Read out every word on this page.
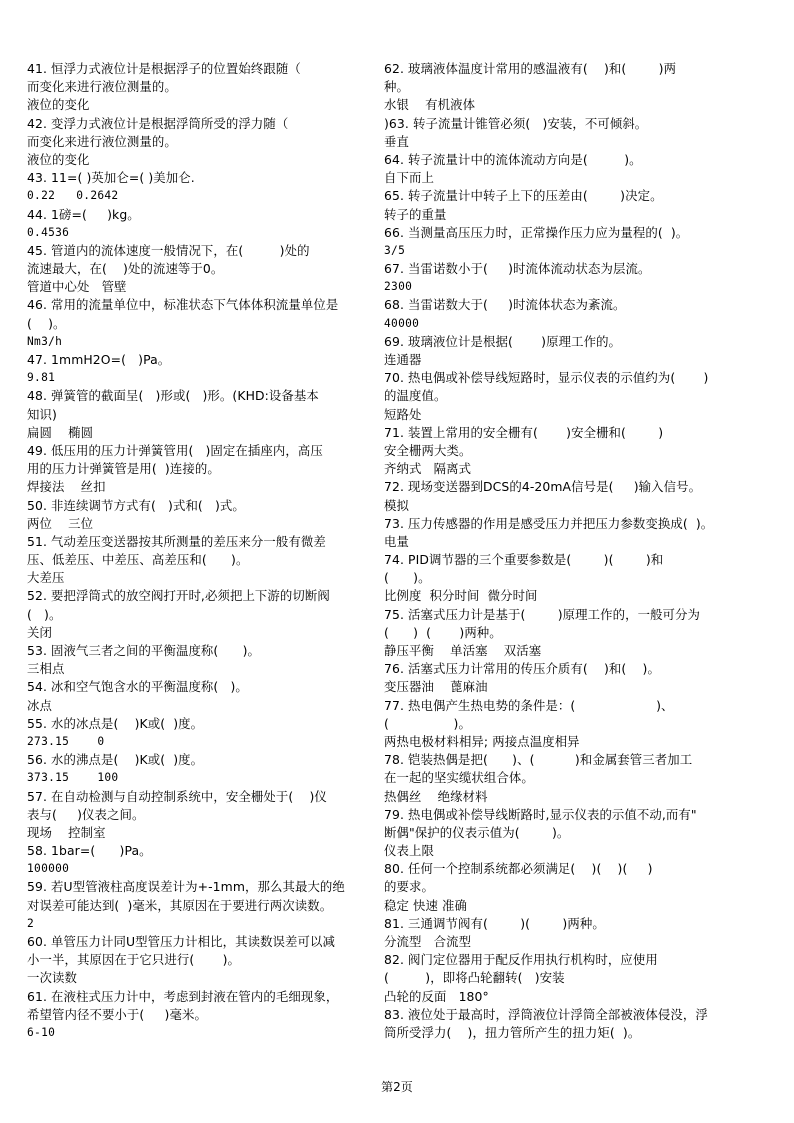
41. 恒浮力式液位计是根据浮子的位置始终跟随（
而变化来进行液位测量的。
液位的变化
42. 变浮力式液位计是根据浮筒所受的浮力随（
而变化来进行液位测量的。
液位的变化
43. 11=( )英加仑=( )美加仑.
0.22   0.2642
44. 1磅=(     )kg。
0.4536
45. 管道内的流体速度一般情况下，在(         )处的
流速最大，在(    )处的流速等于0。
管道中心处   管壁
46. 常用的流量单位中，标准状态下气体体积流量单位是
(    )。
Nm3/h
47. 1mmH2O=(   )Pa。
9.81
48. 弹簧管的截面呈(   )形或(   )形。(KHD:设备基本
知识)
扁圆    椭圆
49. 低压用的压力计弹簧管用(   )固定在插座内，高压
用的压力计弹簧管是用(  )连接的。
焊接法    丝扣
50. 非连续调节方式有(   )式和(   )式。
两位    三位
51. 气动差压变送器按其所测量的差压来分一般有微差
压、低差压、中差压、高差压和(      )。
大差压
52. 要把浮筒式的放空阀打开时,必须把上下游的切断阀
(   )。
关闭
53. 固液气三者之间的平衡温度称(      )。
三相点
54. 冰和空气饱含水的平衡温度称(   )。
冰点
55. 水的冰点是(    )K或(  )度。
273.15    0
56. 水的沸点是(    )K或(  )度。
373.15    100
57. 在自动检测与自动控制系统中，安全栅处于(    )仪
表与(     )仪表之间。
现场    控制室
58. 1bar=(      )Pa。
100000
59. 若U型管液柱高度误差计为+-1mm，那么其最大的绝
对误差可能达到(  )毫米，其原因在于要进行两次读数。
2
60. 单管压力计同U型管压力计相比，其读数误差可以减
小一半，其原因在于它只进行(       )。
一次读数
61. 在液柱式压力计中，考虑到封液在管内的毛细现象，
希望管内径不要小于(     )毫米。
6-10
62. 玻璃液体温度计常用的感温液有(    )和(        )两
种。
水银    有机液体
)63. 转子流量计锥管必须(   )安装，不可倾斜。
垂直
64. 转子流量计中的流体流动方向是(         )。
自下而上
65. 转子流量计中转子上下的压差由(        )决定。
转子的重量
66. 当测量高压压力时，正常操作压力应为量程的(  )。
3/5
67. 当雷诺数小于(     )时流体流动状态为层流。
2300
68. 当雷诺数大于(     )时流体状态为紊流。
40000
69. 玻璃液位计是根据(       )原理工作的。
连通器
70. 热电偶或补偿导线短路时，显示仪表的示值约为(       )
的温度值。
短路处
71. 装置上常用的安全栅有(       )安全栅和(        )
安全栅两大类。
齐纳式   隔离式
72. 现场变送器到DCS的4-20mA信号是(     )输入信号。
模拟
73. 压力传感器的作用是感受压力并把压力参数变换成(  )。
电量
74. PID调节器的三个重要参数是(        )(        )和
(      )。
比例度  积分时间  微分时间
75. 活塞式压力计是基于(        )原理工作的，一般可分为
(      )  (       )两种。
静压平衡    单活塞    双活塞
76. 活塞式压力计常用的传压介质有(    )和(    )。
变压器油    蓖麻油
77. 热电偶产生热电势的条件是：(                    )、
(                )。
两热电极材料相异; 两接点温度相异
78. 铠装热偶是把(      )、(          )和金属套管三者加工
在一起的坚实缆状组合体。
热偶丝    绝缘材料
79. 热电偶或补偿导线断路时,显示仪表的示值不动,而有"
断偶"保护的仪表示值为(        )。
仪表上限
80. 任何一个控制系统都必须满足(    )(    )(     )
的要求。
稳定 快速 准确
81. 三通调节阀有(        )(        )两种。
分流型   合流型
82. 阀门定位器用于配反作用执行机构时，应使用
(         )，即将凸轮翻转(   )安装
凸轮的反面   180°
83. 液位处于最高时，浮筒液位计浮筒全部被液体侵没，浮
筒所受浮力(    )，扭力管所产生的扭力矩(  )。
第2页
